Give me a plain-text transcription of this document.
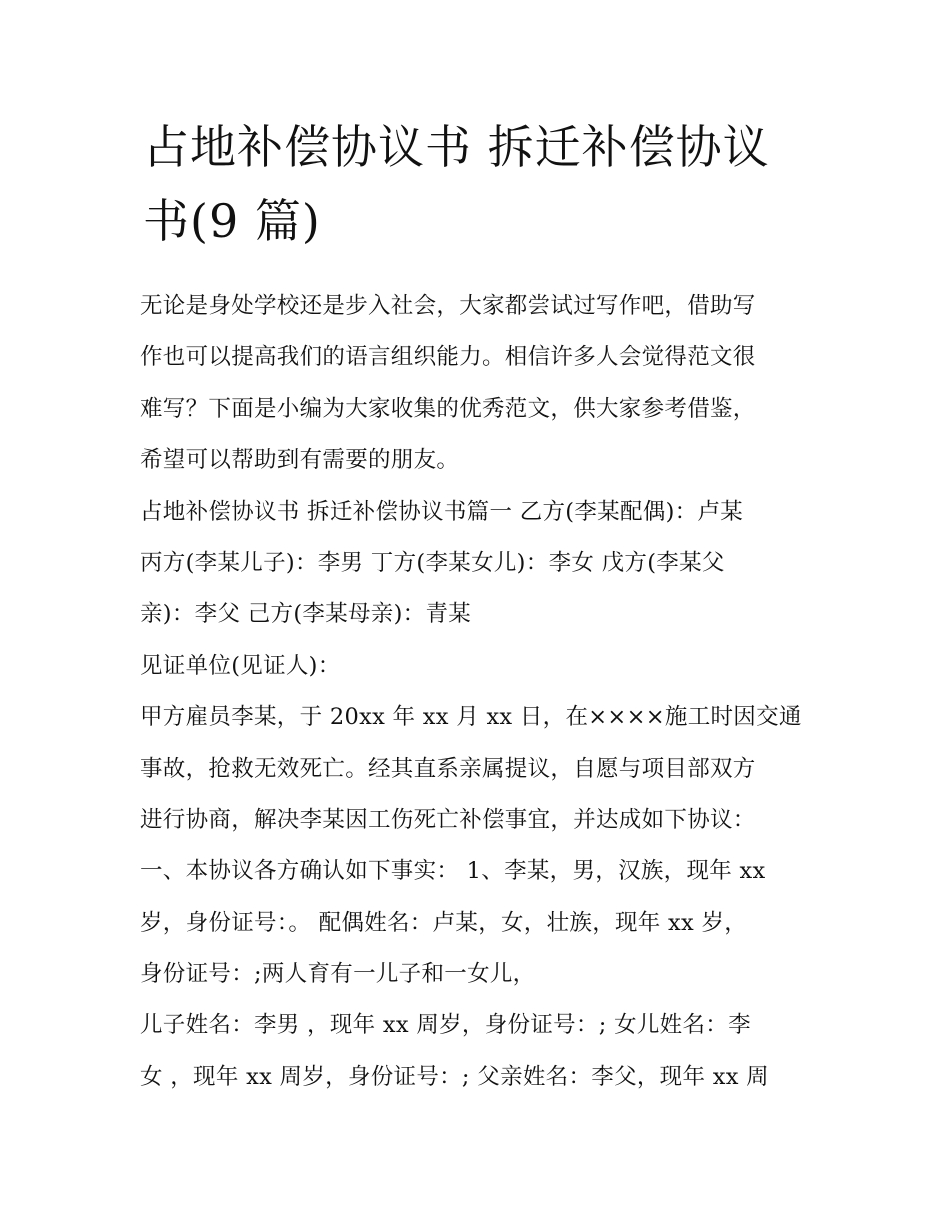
占地补偿协议书 拆迁补偿协议
书(9 篇)
无论是身处学校还是步入社会，大家都尝试过写作吧，借助写
作也可以提高我们的语言组织能力。相信许多人会觉得范文很
难写？下面是小编为大家收集的优秀范文，供大家参考借鉴，
希望可以帮助到有需要的朋友。
占地补偿协议书 拆迁补偿协议书篇一 乙方(李某配偶)：卢某
丙方(李某儿子)：李男 丁方(李某女儿)：李女 戊方(李某父
亲)：李父 己方(李某母亲)：青某
见证单位(见证人)：
甲方雇员李某，于 20xx 年 xx 月 xx 日，在××××施工时因交通
事故，抢救无效死亡。经其直系亲属提议，自愿与项目部双方
进行协商，解决李某因工伤死亡补偿事宜，并达成如下协议：
一、本协议各方确认如下事实： 1、李某，男，汉族，现年 xx
岁，身份证号：。 配偶姓名：卢某，女，壮族，现年 xx 岁，
身份证号：;两人育有一儿子和一女儿，
儿子姓名：李男 ，现年 xx 周岁，身份证号：; 女儿姓名：李
女 ，现年 xx 周岁，身份证号：; 父亲姓名：李父，现年 xx 周
